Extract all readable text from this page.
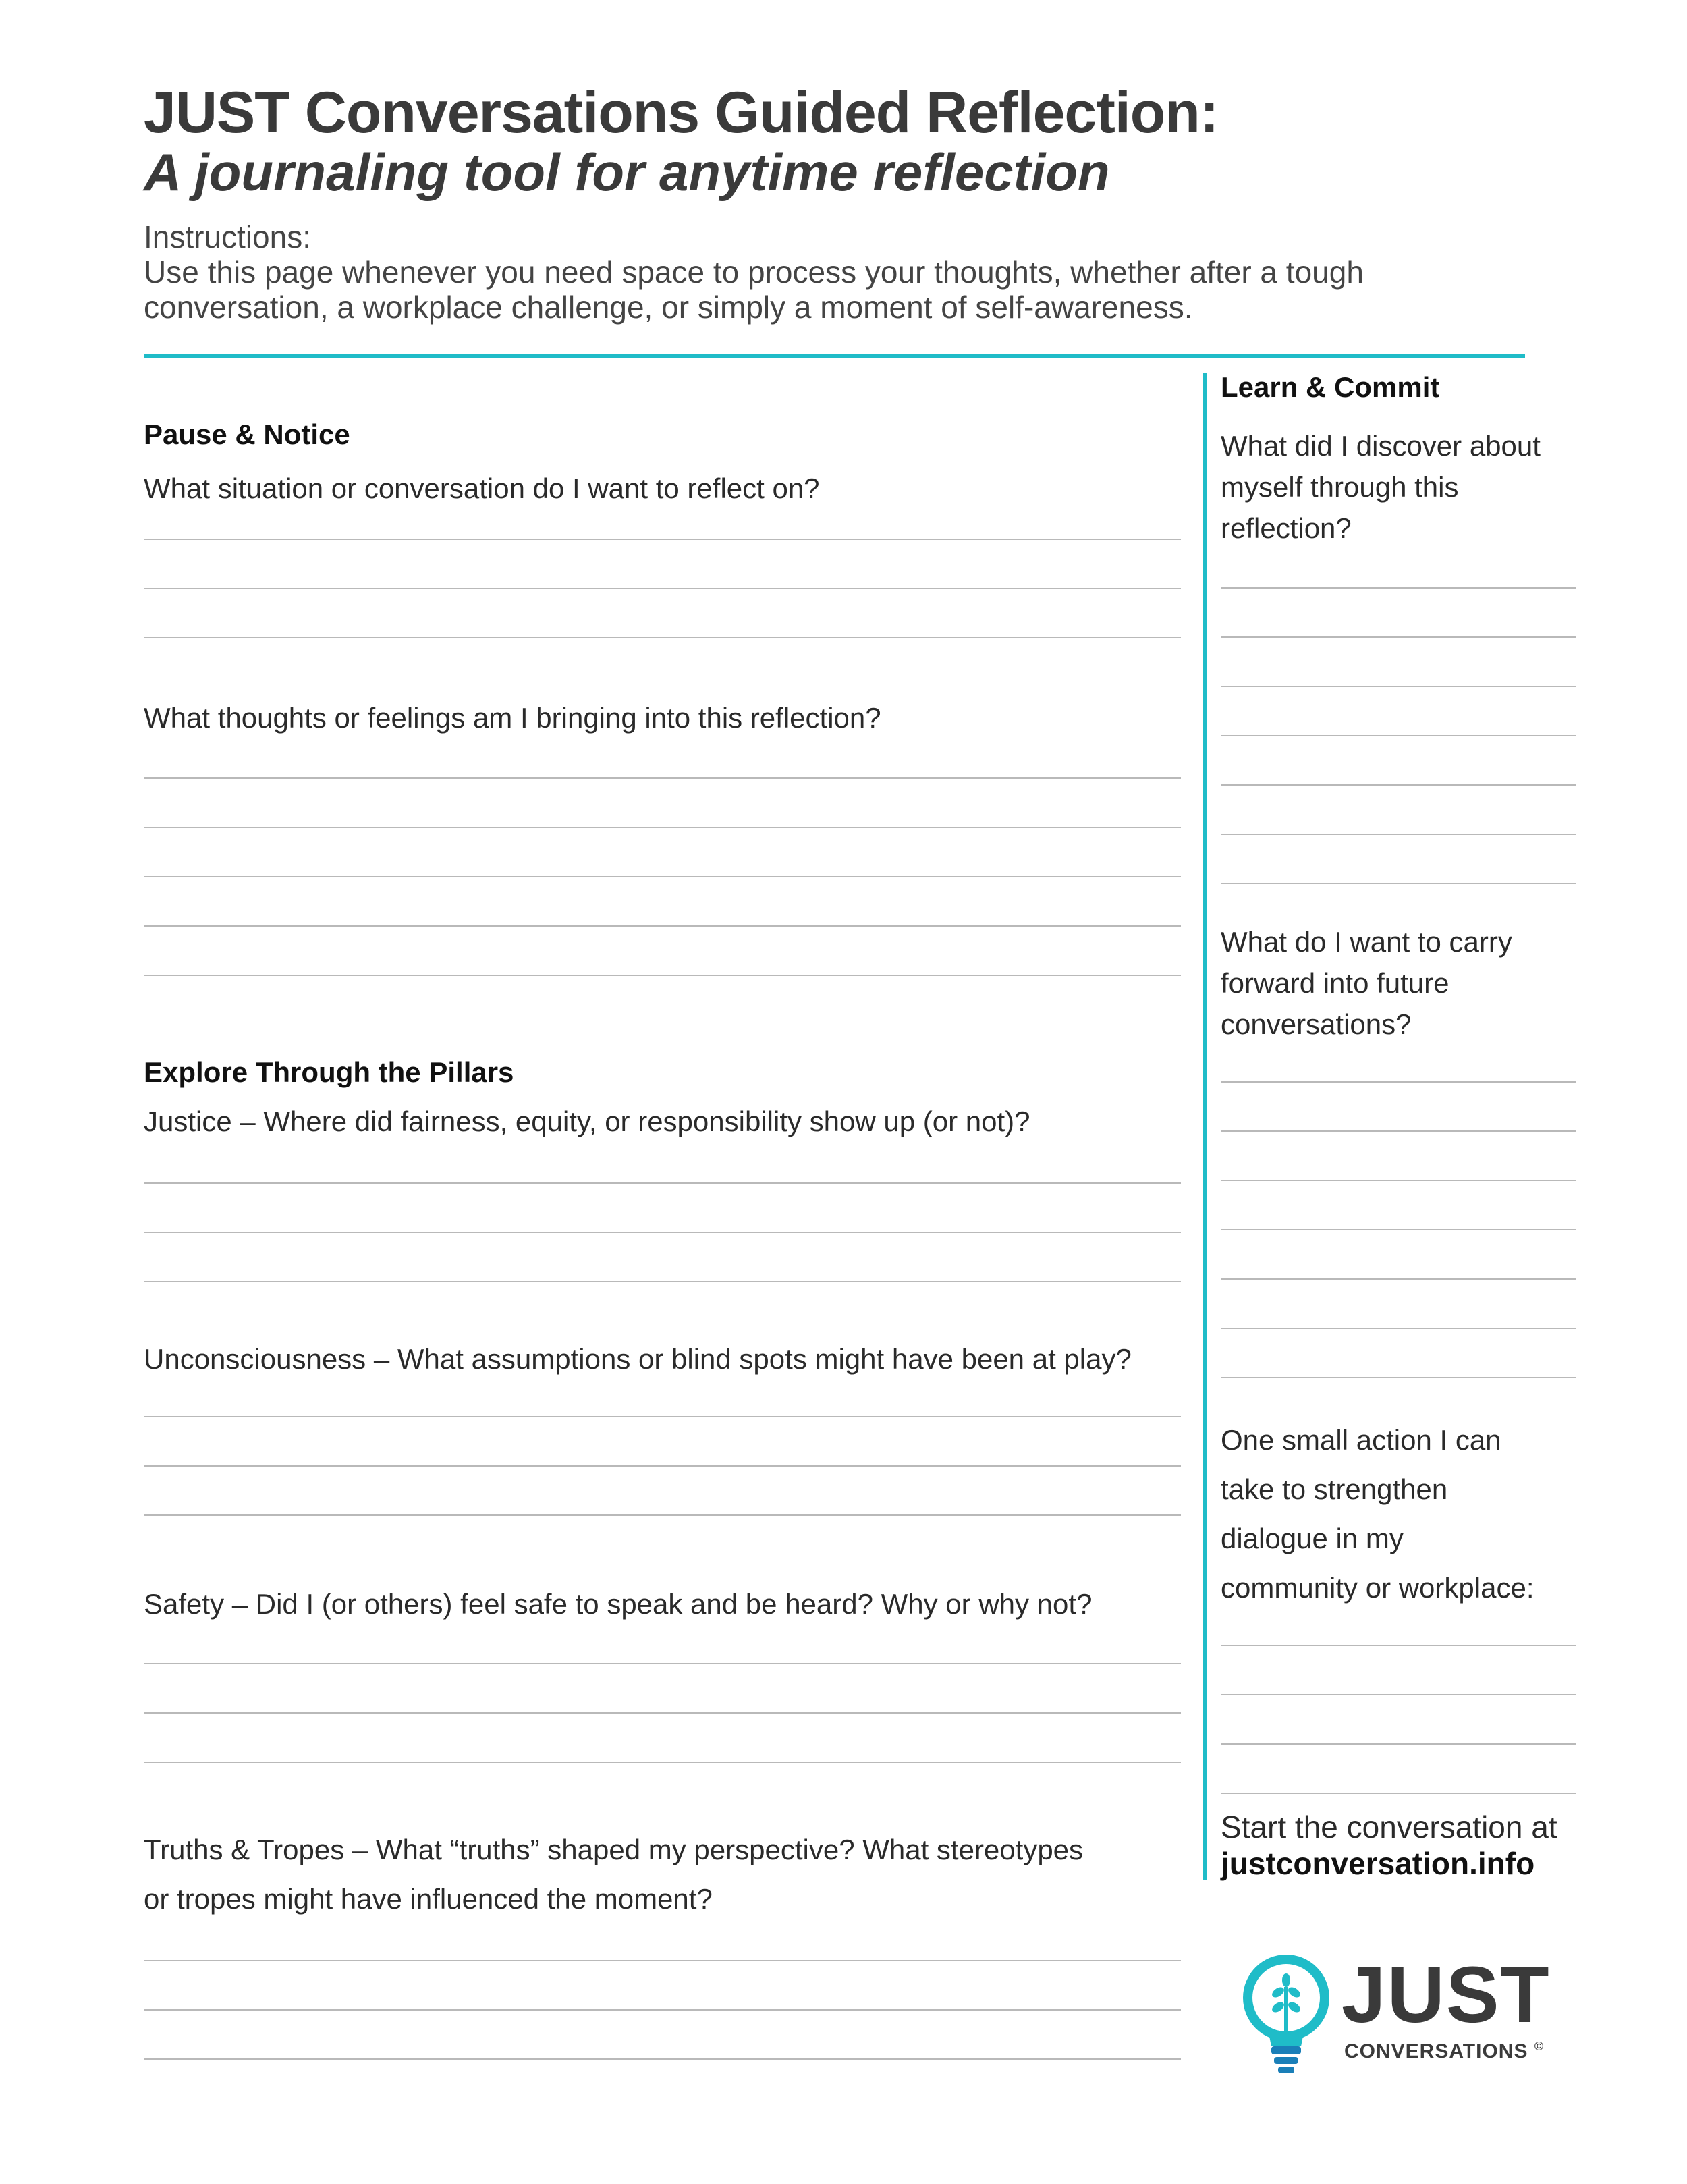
JUST Conversations Guided Reflection:
A journaling tool for anytime reflection
Instructions:
Use this page whenever you need space to process your thoughts, whether after a tough
conversation, a workplace challenge, or simply a moment of self-awareness.
Pause & Notice
What situation or conversation do I want to reflect on?
What thoughts or feelings am I bringing into this reflection?
Explore Through the Pillars
Justice – Where did fairness, equity, or responsibility show up (or not)?
Unconsciousness – What assumptions or blind spots might have been at play?
Safety – Did I (or others) feel safe to speak and be heard? Why or why not?
Truths & Tropes – What “truths” shaped my perspective? What stereotypes
or tropes might have influenced the moment?
Learn & Commit
What did I discover about
myself through this
reflection?
What do I want to carry
forward into future
conversations?
One small action I can
take to strengthen
dialogue in my
community or workplace:
Start the conversation at
justconversation.info
JUST
CONVERSATIONS ©
